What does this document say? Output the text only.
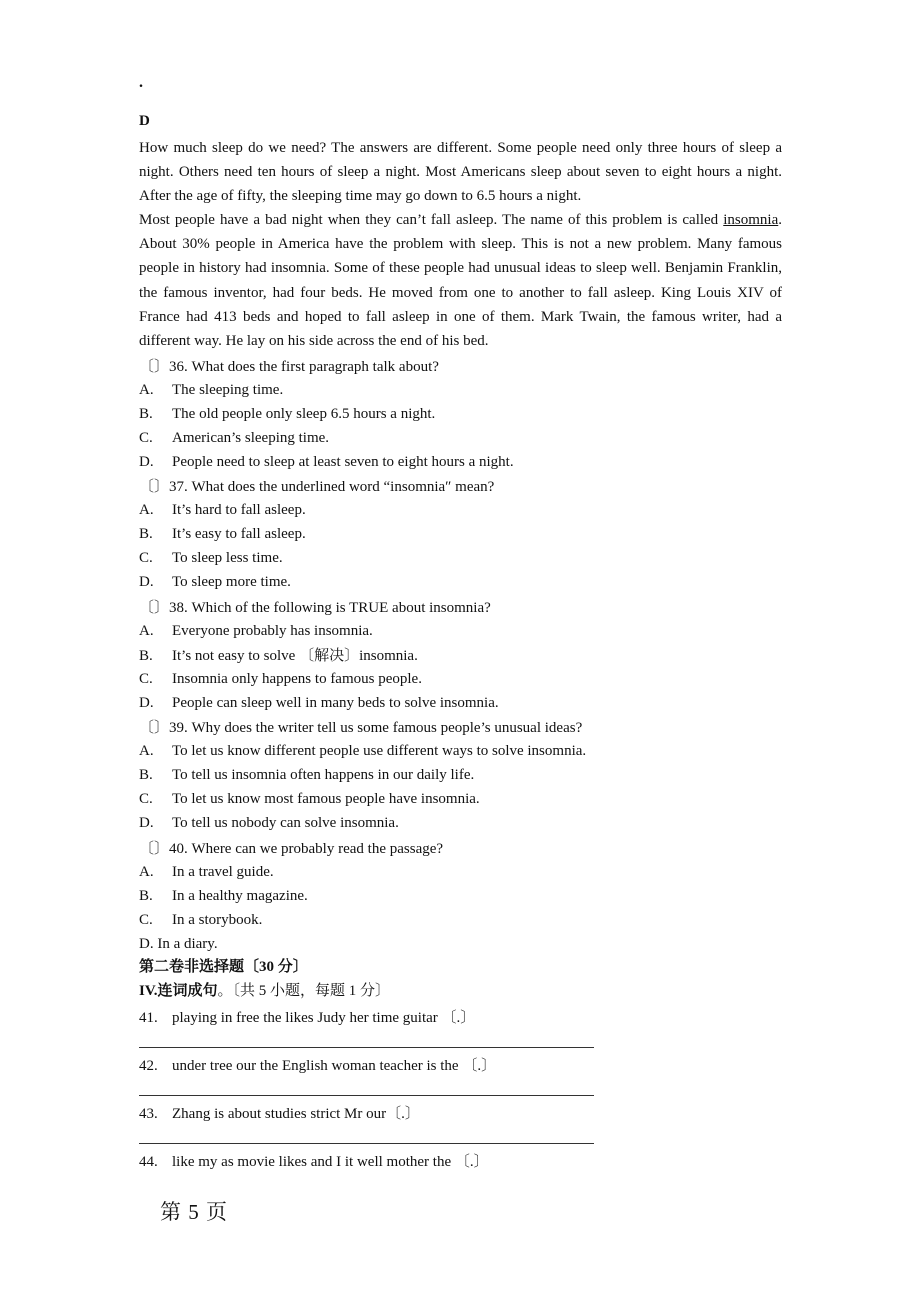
.
D

How much sleep do we need? The answers are different. Some people need only three hours of sleep a night. Others need ten hours of sleep a night. Most Americans sleep about seven to eight hours a night. After the age of fifty, the sleeping time may go down to 6.5 hours a night.

Most people have a bad night when they can’t fall asleep. The name of this problem is called insomnia. About 30% people in America have the problem with sleep. This is not a new problem. Many famous people in history had insomnia. Some of these people had unusual ideas to sleep well. Benjamin Franklin, the famous inventor, had four beds. He moved from one to another to fall asleep. King Louis XIV of France had 413 beds and hoped to fall asleep in one of them. Mark Twain, the famous writer, had a different way. He lay on his side across the end of his bed.

〔〕36. What does the first paragraph talk about?
A. The sleeping time.
B. The old people only sleep 6.5 hours a night.
C. American’s sleeping time.
D. People need to sleep at least seven to eight hours a night.
〔〕37. What does the underlined word “insomnia″ mean?
A. It’s hard to fall asleep.
B. It’s easy to fall asleep.
C. To sleep less time.
D. To sleep more time.
〔〕38. Which of the following is TRUE about insomnia?
A. Everyone probably has insomnia.
B. It’s not easy to solve 〔解决〕insomnia.
C. Insomnia only happens to famous people.
D. People can sleep well in many beds to solve insomnia.
〔〕39. Why does the writer tell us some famous people’s unusual ideas?
A. To let us know different people use different ways to solve insomnia.
B. To tell us insomnia often happens in our daily life.
C. To let us know most famous people have insomnia.
D. To tell us nobody can solve insomnia.
〔〕40. Where can we probably read the passage?
A. In a travel guide.
B. In a healthy magazine.
C. In a storybook.
D. In a diary.
第二卷非选择题〔30 分〕
IV.连词成句。〔共 5 小题，每题 1 分〕
41. playing in free the likes Judy her time guitar 〔.〕
42. under tree our the English woman teacher is the 〔.〕
43. Zhang is about studies strict Mr our〔.〕
44. like my as movie likes and I it well mother the 〔.〕
第 5 页
